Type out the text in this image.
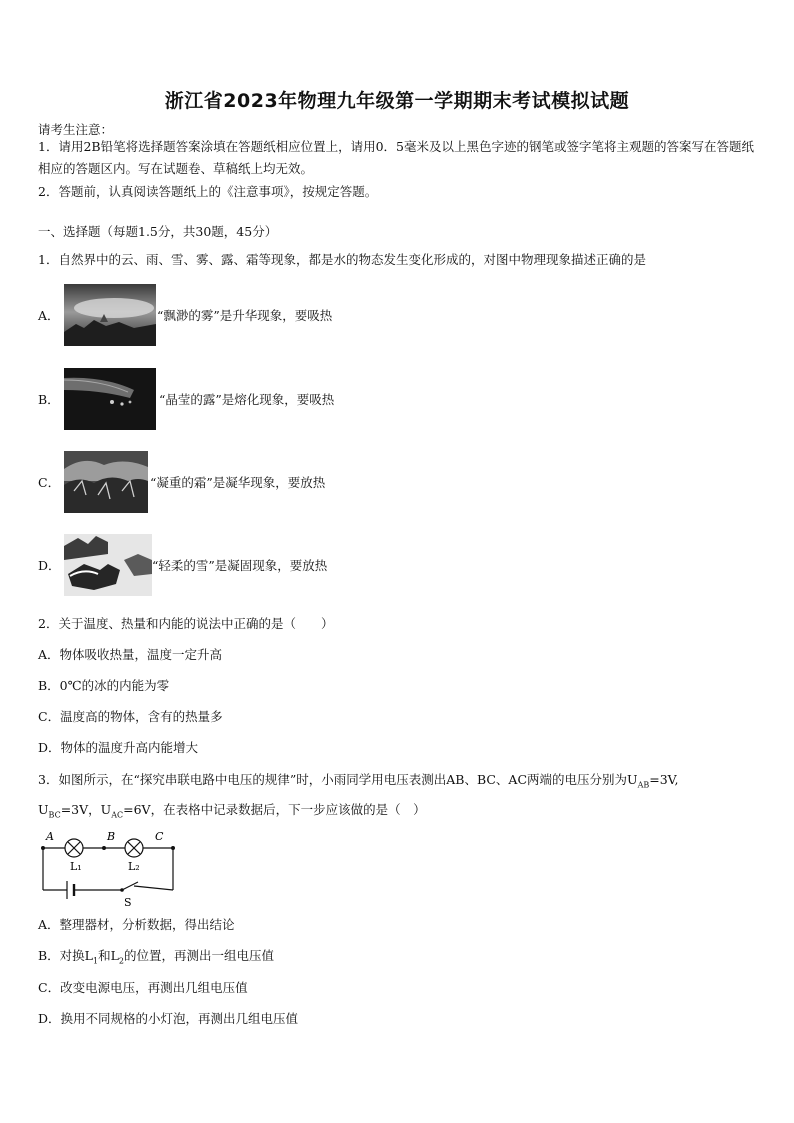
浙江省2023年物理九年级第一学期期末考试模拟试题
请考生注意：
1．请用2B铅笔将选择题答案涂填在答题纸相应位置上，请用0．5毫米及以上黑色字迹的钢笔或签字笔将主观题的答案写在答题纸相应的答题区内。写在试题卷、草稿纸上均无效。
2．答题前，认真阅读答题纸上的《注意事项》，按规定答题。
一、选择题（每题1.5分，共30题，45分）
1．自然界中的云、雨、雪、雾、露、霜等现象，都是水的物态发生变化形成的，对图中物理现象描述正确的是
A．	“飘渺的雾”是升华现象，要吸热
B．	“晶莹的露”是熔化现象，要吸热
C．	“凝重的霜”是凝华现象，要放热
D．	“轻柔的雪”是凝固现象，要放热
2．关于温度、热量和内能的说法中正确的是（　　）
A．物体吸收热量，温度一定升高
B．0℃的冰的内能为零
C．温度高的物体，含有的热量多
D．物体的温度升高内能增大
3．如图所示，在“探究串联电路中电压的规律”时，小雨同学用电压表测出AB、BC、AC两端的电压分别为$U_{AB}=3V$,
$U_{BC}=3V$，$U_{AC}=6V$，在表格中记录数据后，下一步应该做的是（　）
A	B	C
L₁	L₂
S
A．整理器材，分析数据，得出结论
B．对换$L_1$和$L_2$的位置，再测出一组电压值
C．改变电源电压，再测出几组电压值
D．换用不同规格的小灯泡，再测出几组电压值
